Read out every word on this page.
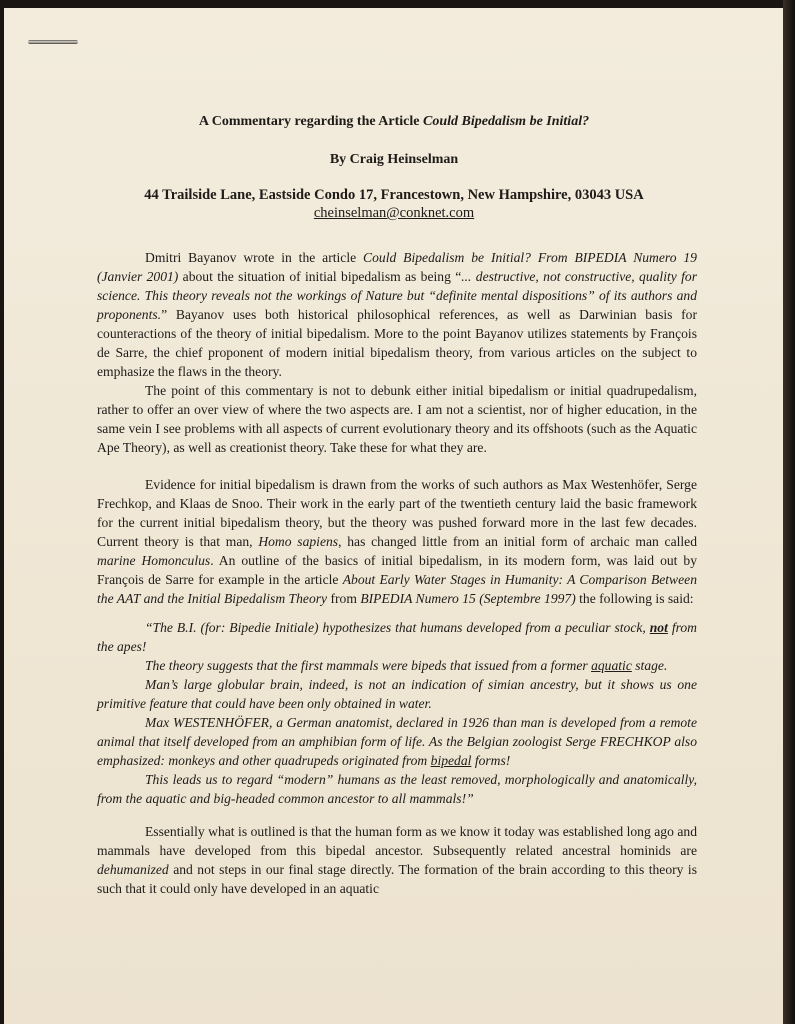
A Commentary regarding the Article Could Bipedalism be Initial?
By Craig Heinselman
44 Trailside Lane, Eastside Condo 17, Francestown, New Hampshire, 03043 USA
cheinselman@conknet.com

Dmitri Bayanov wrote in the article Could Bipedalism be Initial? From BIPEDIA Numero 19 (Janvier 2001) about the situation of initial bipedalism as being “... destructive, not constructive, quality for science. This theory reveals not the workings of Nature but “definite mental dispositions” of its authors and proponents.” Bayanov uses both historical philosophical references, as well as Darwinian basis for counteractions of the theory of initial bipedalism. More to the point Bayanov utilizes statements by François de Sarre, the chief proponent of modern initial bipedalism theory, from various articles on the subject to emphasize the flaws in the theory.

The point of this commentary is not to debunk either initial bipedalism or initial quadrupedalism, rather to offer an over view of where the two aspects are. I am not a scientist, nor of higher education, in the same vein I see problems with all aspects of current evolutionary theory and its offshoots (such as the Aquatic Ape Theory), as well as creationist theory. Take these for what they are.

Evidence for initial bipedalism is drawn from the works of such authors as Max Westenhöfer, Serge Frechkop, and Klaas de Snoo. Their work in the early part of the twentieth century laid the basic framework for the current initial bipedalism theory, but the theory was pushed forward more in the last few decades. Current theory is that man, Homo sapiens, has changed little from an initial form of archaic man called marine Homonculus. An outline of the basics of initial bipedalism, in its modern form, was laid out by François de Sarre for example in the article About Early Water Stages in Humanity: A Comparison Between the AAT and the Initial Bipedalism Theory from BIPEDIA Numero 15 (Septembre 1997) the following is said:

“The B.I. (for: Bipedie Initiale) hypothesizes that humans developed from a peculiar stock, not from the apes!

The theory suggests that the first mammals were bipeds that issued from a former aquatic stage.

Man’s large globular brain, indeed, is not an indication of simian ancestry, but it shows us one primitive feature that could have been only obtained in water.

Max WESTENHÖFER, a German anatomist, declared in 1926 than man is developed from a remote animal that itself developed from an amphibian form of life. As the Belgian zoologist Serge FRECHKOP also emphasized: monkeys and other quadrupeds originated from bipedal forms!

This leads us to regard “modern” humans as the least removed, morphologically and anatomically, from the aquatic and big-headed common ancestor to all mammals!”

Essentially what is outlined is that the human form as we know it today was established long ago and mammals have developed from this bipedal ancestor. Subsequently related ancestral hominids are dehumanized and not steps in our final stage directly. The formation of the brain according to this theory is such that it could only have developed in an aquatic
